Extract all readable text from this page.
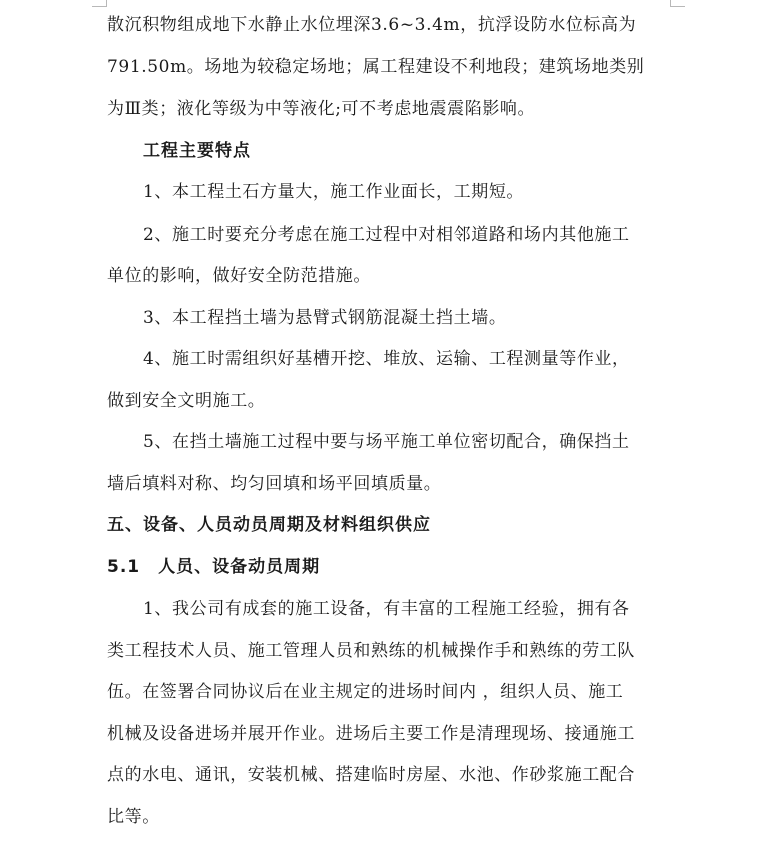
散沉积物组成地下水静止水位埋深3.6~3.4m，抗浮设防水位标高为
791.50m。场地为较稳定场地；属工程建设不利地段；建筑场地类别
为Ⅲ类；液化等级为中等液化;可不考虑地震震陷影响。
工程主要特点
1、本工程土石方量大，施工作业面长，工期短。
2、施工时要充分考虑在施工过程中对相邻道路和场内其他施工
单位的影响，做好安全防范措施。
3、本工程挡土墙为悬臂式钢筋混凝土挡土墙。
4、施工时需组织好基槽开挖、堆放、运输、工程测量等作业，
做到安全文明施工。
5、在挡土墙施工过程中要与场平施工单位密切配合，确保挡土
墙后填料对称、均匀回填和场平回填质量。
五、设备、人员动员周期及材料组织供应
5.1　人员、设备动员周期
1、我公司有成套的施工设备，有丰富的工程施工经验，拥有各
类工程技术人员、施工管理人员和熟练的机械操作手和熟练的劳工队
伍。在签署合同协议后在业主规定的进场时间内 ，组织人员、施工
机械及设备进场并展开作业。进场后主要工作是清理现场、接通施工
点的水电、通讯，安装机械、搭建临时房屋、水池、作砂浆施工配合
比等。
